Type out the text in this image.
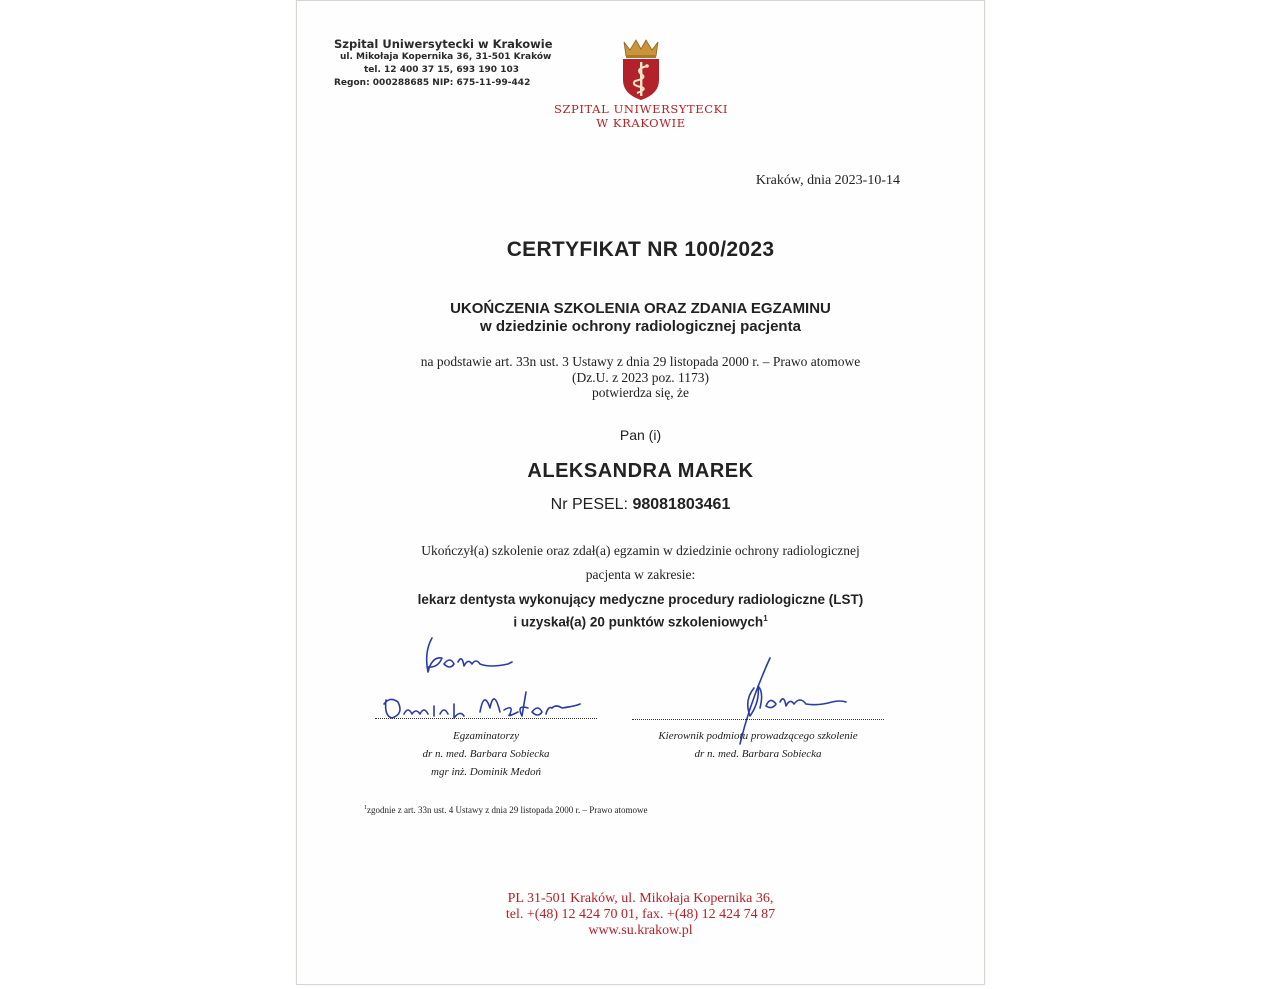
Szpital Uniwersytecki w Krakowie
ul. Mikołaja Kopernika 36, 31-501 Kraków
tel. 12 400 37 15, 693 190 103
Regon: 000288685 NIP: 675-11-99-442
SZPITAL UNIWERSYTECKI
W KRAKOWIE
Kraków, dnia 2023-10-14
CERTYFIKAT NR 100/2023
UKOŃCZENIA SZKOLENIA ORAZ ZDANIA EGZAMINU
w dziedzinie ochrony radiologicznej pacjenta
na podstawie art. 33n ust. 3 Ustawy z dnia 29 listopada 2000 r. – Prawo atomowe
(Dz.U. z 2023 poz. 1173)
potwierdza się, że
Pan (i)
ALEKSANDRA MAREK
Nr PESEL: 98081803461
Ukończył(a) szkolenie oraz zdał(a) egzamin w dziedzinie ochrony radiologicznej
pacjenta w zakresie:
lekarz dentysta wykonujący medyczne procedury radiologiczne (LST)
i uzyskał(a) 20 punktów szkoleniowych$^1$
Egzaminatorzy
dr n. med. Barbara Sobiecka
mgr inż. Dominik Medoń
Kierownik podmiotu prowadzącego szkolenie
dr n. med. Barbara Sobiecka
$^1$zgodnie z art. 33n ust. 4 Ustawy z dnia 29 listopada 2000 r. – Prawo atomowe
PL 31-501 Kraków, ul. Mikołaja Kopernika 36,
tel. +(48) 12 424 70 01, fax. +(48) 12 424 74 87
www.su.krakow.pl
